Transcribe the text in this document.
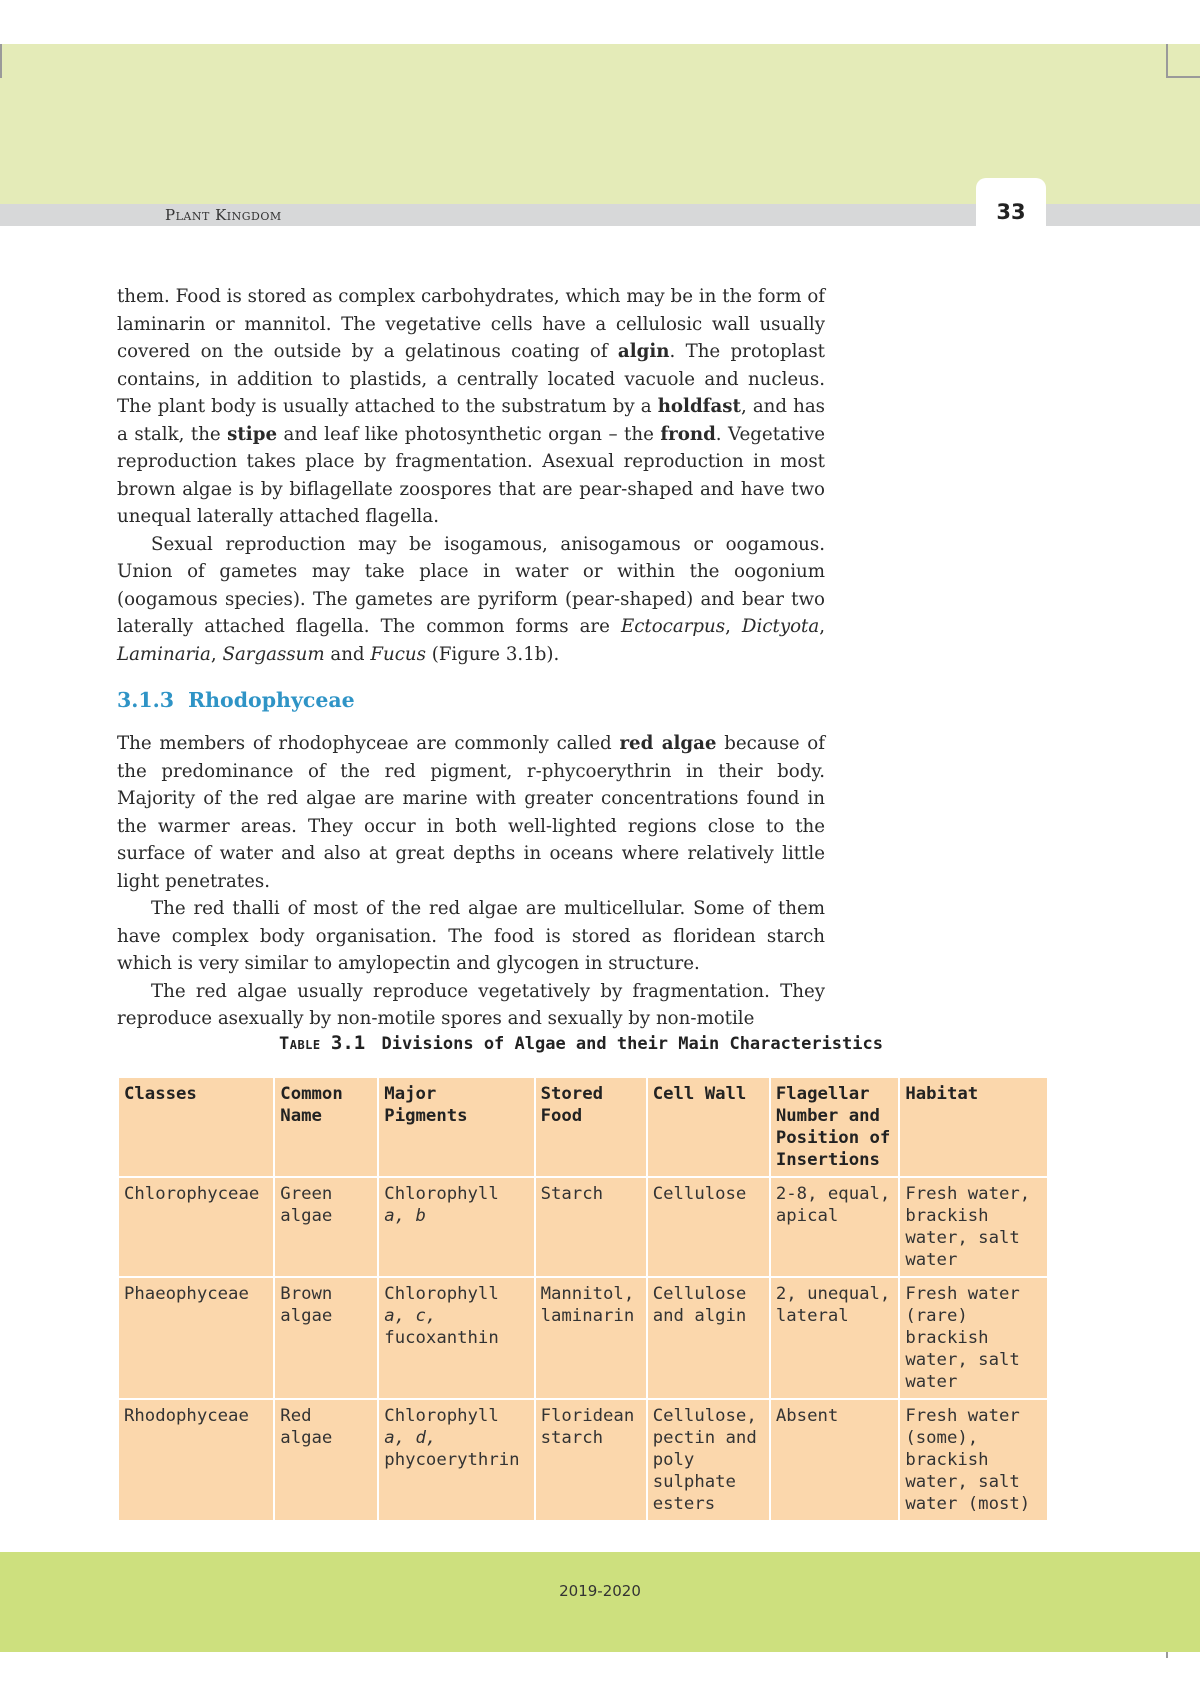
Plant Kingdom	33

them. Food is stored as complex carbohydrates, which may be in the form of laminarin or mannitol. The vegetative cells have a cellulosic wall usually covered on the outside by a gelatinous coating of algin. The protoplast contains, in addition to plastids, a centrally located vacuole and nucleus. The plant body is usually attached to the substratum by a holdfast, and has a stalk, the stipe and leaf like photosynthetic organ – the frond. Vegetative reproduction takes place by fragmentation. Asexual reproduction in most brown algae is by biflagellate zoospores that are pear-shaped and have two unequal laterally attached flagella.

Sexual reproduction may be isogamous, anisogamous or oogamous. Union of gametes may take place in water or within the oogonium (oogamous species). The gametes are pyriform (pear-shaped) and bear two laterally attached flagella. The common forms are Ectocarpus, Dictyota, Laminaria, Sargassum and Fucus (Figure 3.1b).

3.1.3 Rhodophyceae

The members of rhodophyceae are commonly called red algae because of the predominance of the red pigment, r-phycoerythrin in their body. Majority of the red algae are marine with greater concentrations found in the warmer areas. They occur in both well-lighted regions close to the surface of water and also at great depths in oceans where relatively little light penetrates.

The red thalli of most of the red algae are multicellular. Some of them have complex body organisation. The food is stored as floridean starch which is very similar to amylopectin and glycogen in structure.

The red algae usually reproduce vegetatively by fragmentation. They reproduce asexually by non-motile spores and sexually by non-motile

Table 3.1 Divisions of Algae and their Main Characteristics
Classes	Common Name	Major Pigments	Stored Food	Cell Wall	Flagellar Number and Position of Insertions	Habitat
Chlorophyceae	Green algae	Chlorophyll a, b	Starch	Cellulose	2-8, equal, apical	Fresh water, brackish water, salt water
Phaeophyceae	Brown algae	Chlorophyll a, c, fucoxanthin	Mannitol, laminarin	Cellulose and algin	2, unequal, lateral	Fresh water (rare) brackish water, salt water
Rhodophyceae	Red algae	Chlorophyll a, d, phycoerythrin	Floridean starch	Cellulose, pectin and poly sulphate esters	Absent	Fresh water (some), brackish water, salt water (most)
2019-2020
